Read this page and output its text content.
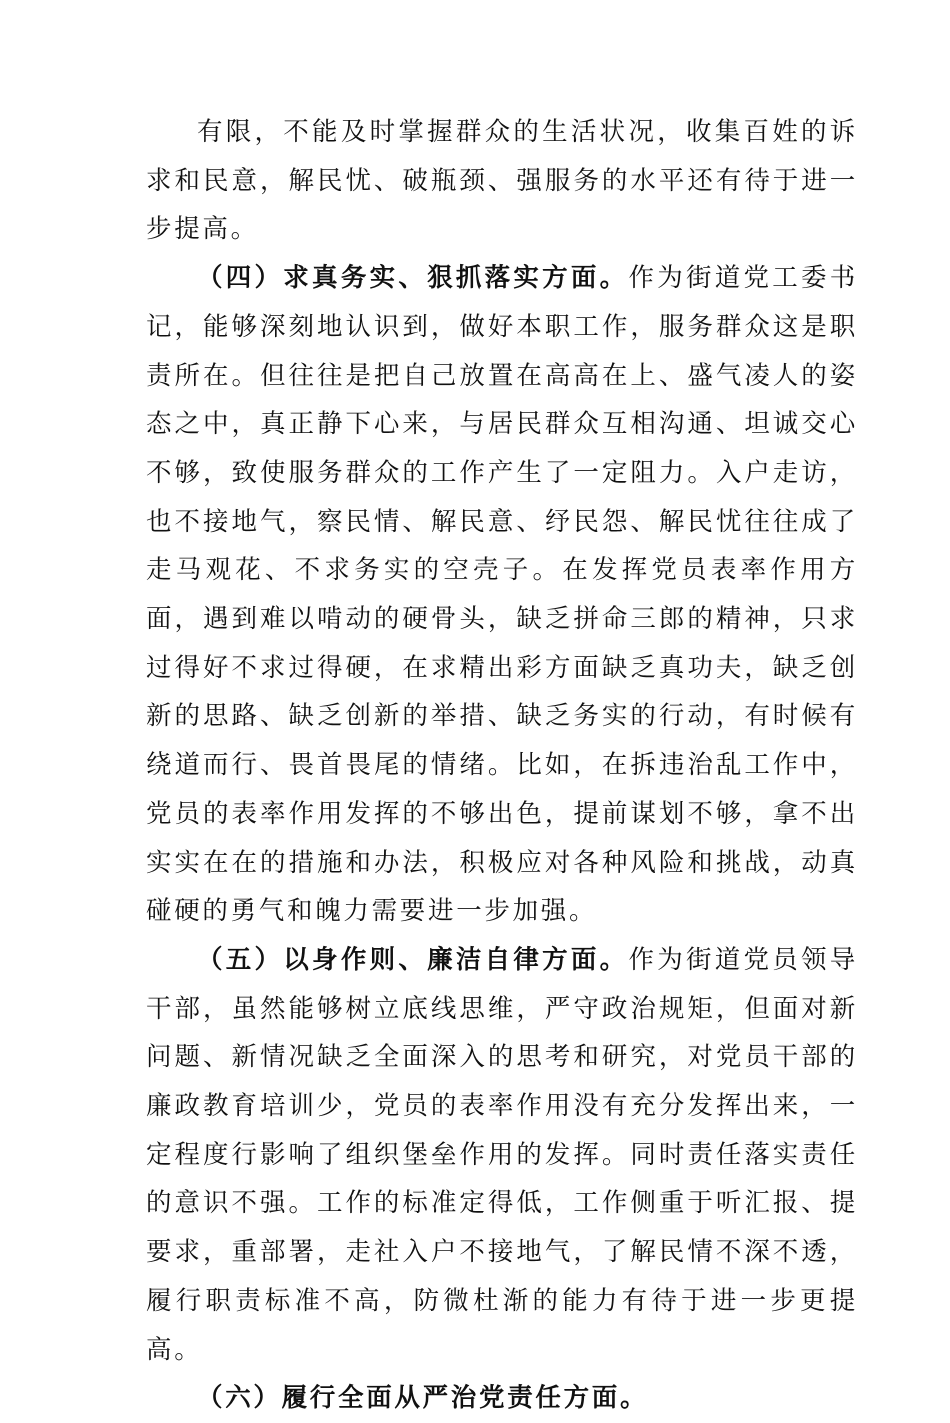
有限，不能及时掌握群众的生活状况，收集百姓的诉求和民意，解民忧、破瓶颈、强服务的水平还有待于进一步提高。

（四）求真务实、狠抓落实方面。作为街道党工委书记，能够深刻地认识到，做好本职工作，服务群众这是职责所在。但往往是把自己放置在高高在上、盛气凌人的姿态之中，真正静下心来，与居民群众互相沟通、坦诚交心不够，致使服务群众的工作产生了一定阻力。入户走访，也不接地气，察民情、解民意、纾民怨、解民忧往往成了走马观花、不求务实的空壳子。在发挥党员表率作用方面，遇到难以啃动的硬骨头，缺乏拼命三郎的精神，只求过得好不求过得硬，在求精出彩方面缺乏真功夫，缺乏创新的思路、缺乏创新的举措、缺乏务实的行动，有时候有绕道而行、畏首畏尾的情绪。比如，在拆违治乱工作中，党员的表率作用发挥的不够出色，提前谋划不够，拿不出实实在在的措施和办法，积极应对各种风险和挑战，动真碰硬的勇气和魄力需要进一步加强。

（五）以身作则、廉洁自律方面。作为街道党员领导干部，虽然能够树立底线思维，严守政治规矩，但面对新问题、新情况缺乏全面深入的思考和研究，对党员干部的廉政教育培训少，党员的表率作用没有充分发挥出来，一定程度行影响了组织堡垒作用的发挥。同时责任落实责任的意识不强。工作的标准定得低，工作侧重于听汇报、提要求，重部署，走社入户不接地气，了解民情不深不透，履行职责标准不高，防微杜渐的能力有待于进一步更提高。

（六）履行全面从严治党责任方面。
